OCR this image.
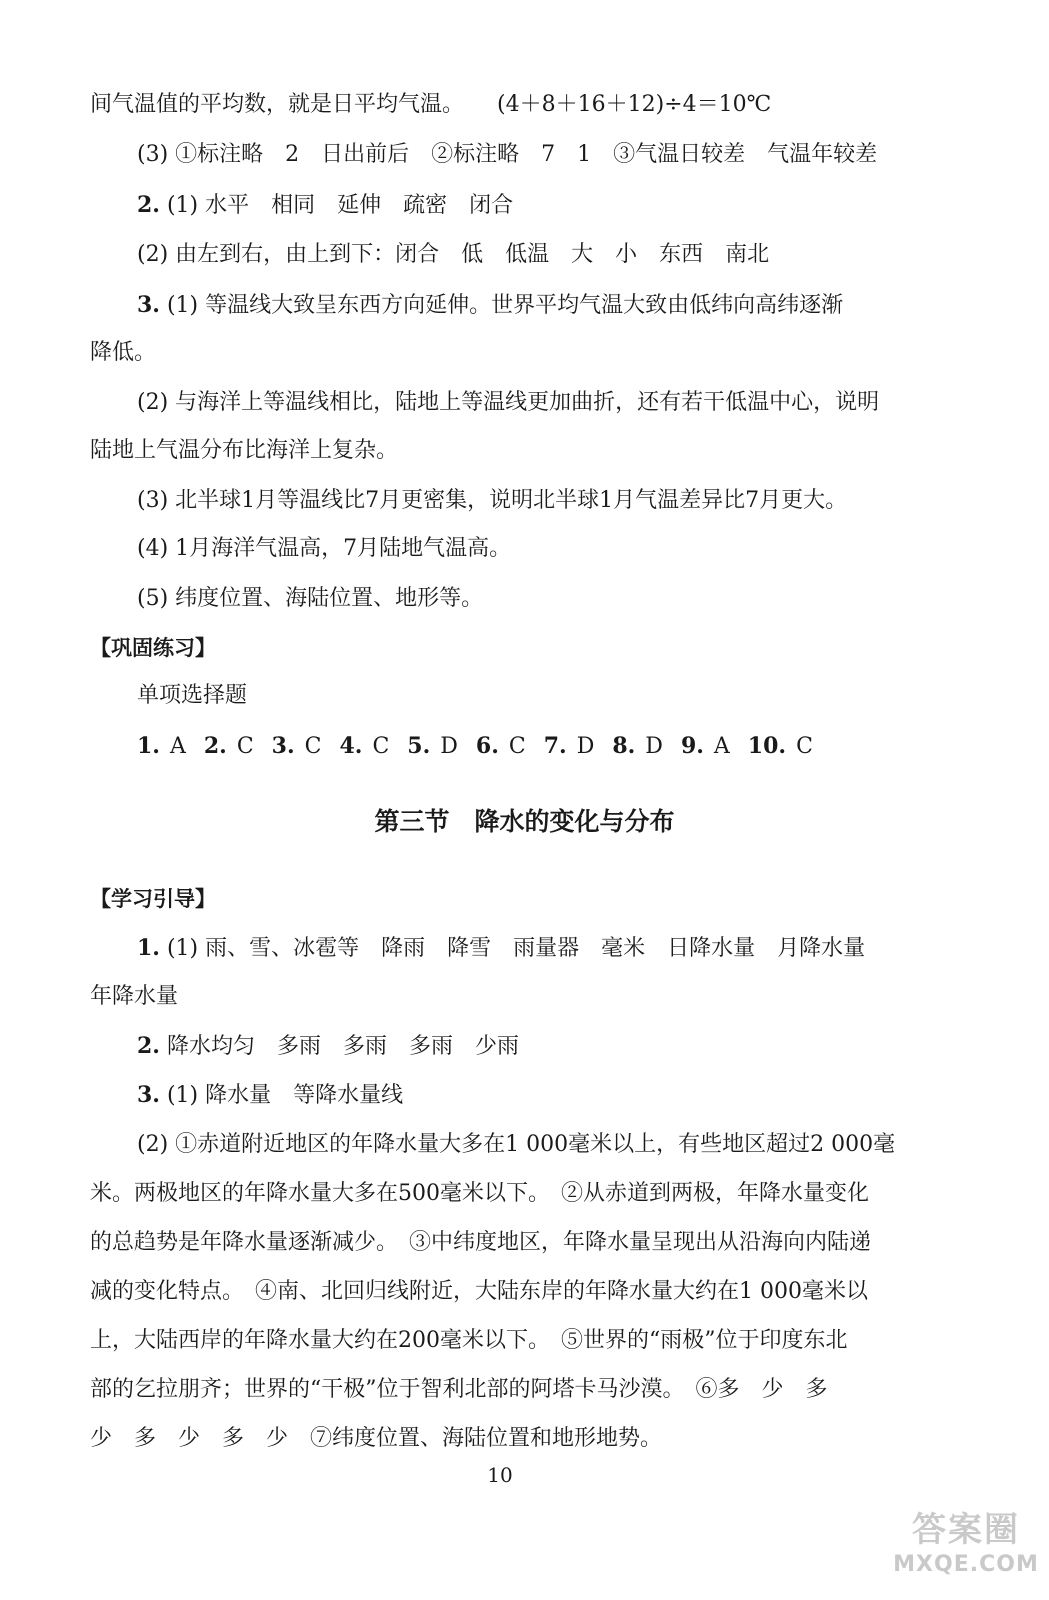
间气温值的平均数，就是日平均气温。　　(4＋8＋16＋12)÷4＝10℃
(3) ①标注略　2　日出前后　②标注略　7　1　③气温日较差　气温年较差
2. (1) 水平　相同　延伸　疏密　闭合
(2) 由左到右，由上到下：闭合　低　低温　大　小　东西　南北
3. (1) 等温线大致呈东西方向延伸。世界平均气温大致由低纬向高纬逐渐
降低。
(2) 与海洋上等温线相比，陆地上等温线更加曲折，还有若干低温中心，说明
陆地上气温分布比海洋上复杂。
(3) 北半球1月等温线比7月更密集，说明北半球1月气温差异比7月更大。
(4) 1月海洋气温高，7月陆地气温高。
(5) 纬度位置、海陆位置、地形等。
【巩固练习】
单项选择题
1. A 2. C 3. C 4. C 5. D 6. C 7. D 8. D 9. A 10. C
第三节　降水的变化与分布
【学习引导】
1. (1) 雨、雪、冰雹等　降雨　降雪　雨量器　毫米　日降水量　月降水量
年降水量
2. 降水均匀　多雨　多雨　多雨　少雨
3. (1) 降水量　等降水量线
(2) ①赤道附近地区的年降水量大多在1 000毫米以上，有些地区超过2 000毫
米。两极地区的年降水量大多在500毫米以下。　②从赤道到两极，年降水量变化
的总趋势是年降水量逐渐减少。　③中纬度地区，年降水量呈现出从沿海向内陆递
减的变化特点。　④南、北回归线附近，大陆东岸的年降水量大约在1 000毫米以
上，大陆西岸的年降水量大约在200毫米以下。　⑤世界的“雨极”位于印度东北
部的乞拉朋齐；世界的“干极”位于智利北部的阿塔卡马沙漠。　⑥多　少　多
少　多　少　多　少　⑦纬度位置、海陆位置和地形地势。
10
答案圈
MXQE.COM
